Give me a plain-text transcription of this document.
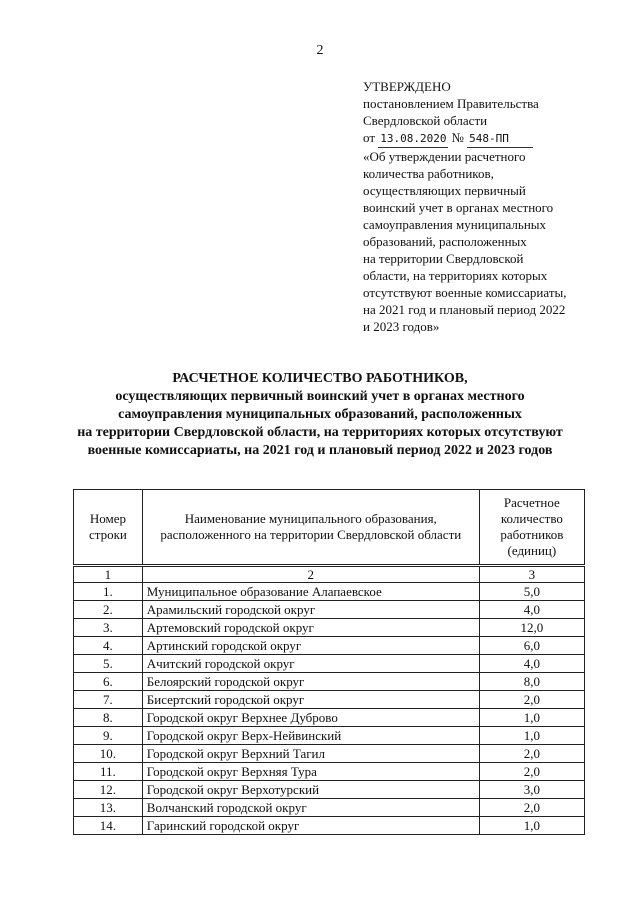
2
УТВЕРЖДЕНО
постановлением Правительства
Свердловской области
от 13.08.2020 № 548-ПП
«Об утверждении расчетного
количества работников,
осуществляющих первичный
воинский учет в органах местного
самоуправления муниципальных
образований, расположенных
на территории Свердловской
области, на территориях которых
отсутствуют военные комиссариаты,
на 2021 год и плановый период 2022
и 2023 годов»
РАСЧЕТНОЕ КОЛИЧЕСТВО РАБОТНИКОВ,
осуществляющих первичный воинский учет в органах местного
самоуправления муниципальных образований, расположенных
на территории Свердловской области, на территориях которых отсутствуют
военные комиссариаты, на 2021 год и плановый период 2022 и 2023 годов
Номер строки	Наименование муниципального образования, расположенного на территории Свердловской области	Расчетное количество работников (единиц)
1	2	3
1.	Муниципальное образование Алапаевское	5,0
2.	Арамильский городской округ	4,0
3.	Артемовский городской округ	12,0
4.	Артинский городской округ	6,0
5.	Ачитский городской округ	4,0
6.	Белоярский городской округ	8,0
7.	Бисертский городской округ	2,0
8.	Городской округ Верхнее Дуброво	1,0
9.	Городской округ Верх-Нейвинский	1,0
10.	Городской округ Верхний Тагил	2,0
11.	Городской округ Верхняя Тура	2,0
12.	Городской округ Верхотурский	3,0
13.	Волчанский городской округ	2,0
14.	Гаринский городской округ	1,0
